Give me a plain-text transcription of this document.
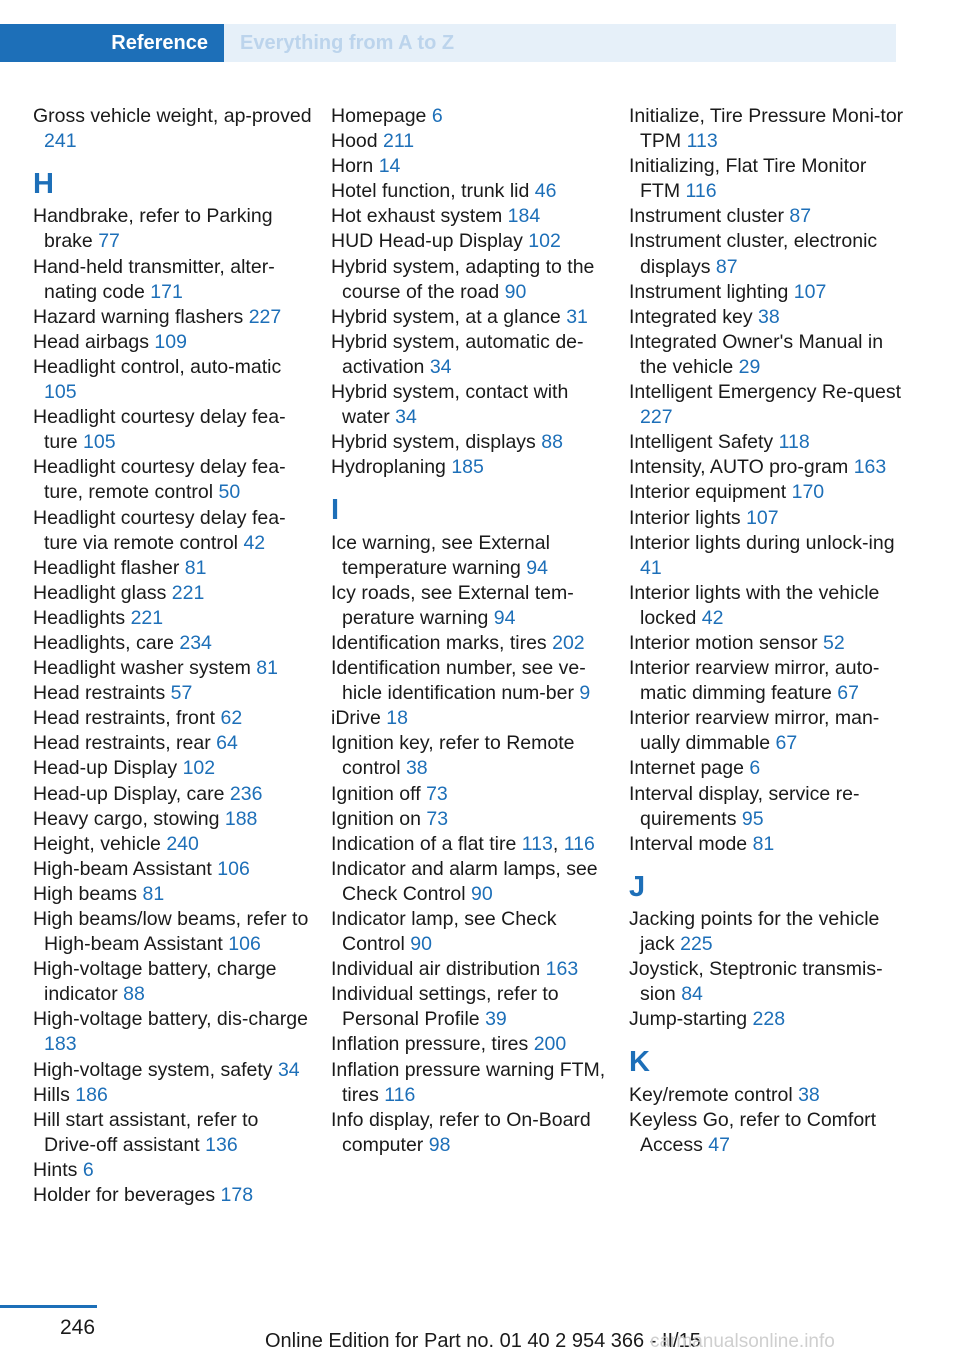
Reference Everything from A to Z
Gross vehicle weight, ap-proved 241
H
Handbrake, refer to Parking brake 77
Hand-held transmitter, alter-nating code 171
Hazard warning flashers 227
Head airbags 109
Headlight control, auto-matic 105
Headlight courtesy delay fea-ture 105
Headlight courtesy delay fea-ture, remote control 50
Headlight courtesy delay fea-ture via remote control 42
Headlight flasher 81
Headlight glass 221
Headlights 221
Headlights, care 234
Headlight washer system 81
Head restraints 57
Head restraints, front 62
Head restraints, rear 64
Head-up Display 102
Head-up Display, care 236
Heavy cargo, stowing 188
Height, vehicle 240
High-beam Assistant 106
High beams 81
High beams/low beams, refer to High-beam Assistant 106
High-voltage battery, charge indicator 88
High-voltage battery, dis-charge 183
High-voltage system, safety 34
Hills 186
Hill start assistant, refer to Drive-off assistant 136
Hints 6
Holder for beverages 178
Homepage 6
Hood 211
Horn 14
Hotel function, trunk lid 46
Hot exhaust system 184
HUD Head-up Display 102
Hybrid system, adapting to the course of the road 90
Hybrid system, at a glance 31
Hybrid system, automatic de-activation 34
Hybrid system, contact with water 34
Hybrid system, displays 88
Hydroplaning 185
I
Ice warning, see External temperature warning 94
Icy roads, see External tem-perature warning 94
Identification marks, tires 202
Identification number, see ve-hicle identification num-ber 9
iDrive 18
Ignition key, refer to Remote control 38
Ignition off 73
Ignition on 73
Indication of a flat tire 113, 116
Indicator and alarm lamps, see Check Control 90
Indicator lamp, see Check Control 90
Individual air distribution 163
Individual settings, refer to Personal Profile 39
Inflation pressure, tires 200
Inflation pressure warning FTM, tires 116
Info display, refer to On-Board computer 98
Initialize, Tire Pressure Moni-tor TPM 113
Initializing, Flat Tire Monitor FTM 116
Instrument cluster 87
Instrument cluster, electronic displays 87
Instrument lighting 107
Integrated key 38
Integrated Owner's Manual in the vehicle 29
Intelligent Emergency Re-quest 227
Intelligent Safety 118
Intensity, AUTO pro-gram 163
Interior equipment 170
Interior lights 107
Interior lights during unlock-ing 41
Interior lights with the vehicle locked 42
Interior motion sensor 52
Interior rearview mirror, auto-matic dimming feature 67
Interior rearview mirror, man-ually dimmable 67
Internet page 6
Interval display, service re-quirements 95
Interval mode 81
J
Jacking points for the vehicle jack 225
Joystick, Steptronic transmis-sion 84
Jump-starting 228
K
Key/remote control 38
Keyless Go, refer to Comfort Access 47
246
Online Edition for Part no. 01 40 2 954 366 - II/15
carmanualsonline.info
